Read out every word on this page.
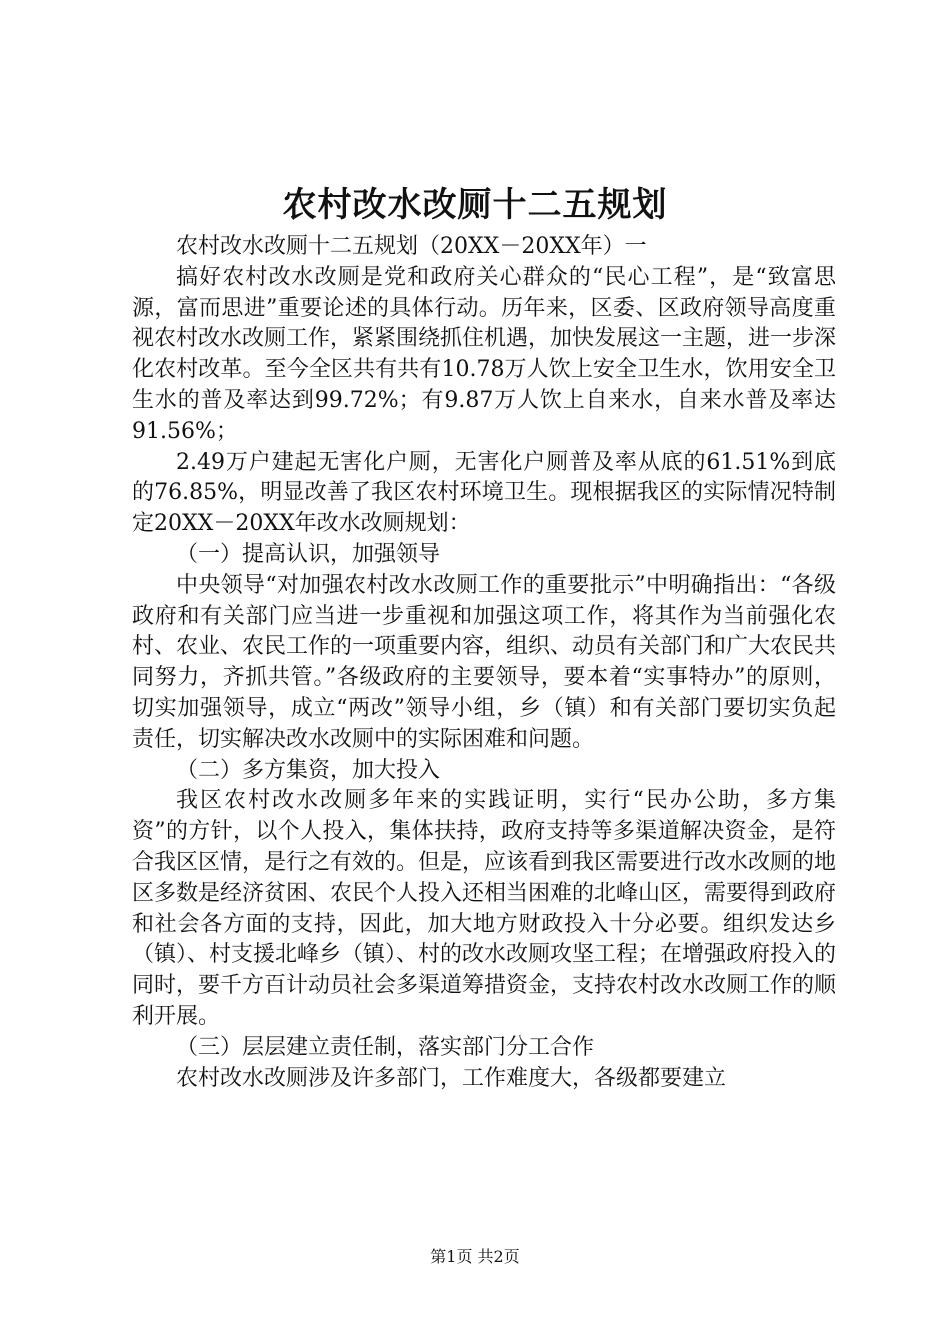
农村改水改厕十二五规划

农村改水改厕十二五规划（20XX－20XX年）一

搞好农村改水改厕是党和政府关心群众的“民心工程”，是“致富思源，富而思进”重要论述的具体行动。历年来，区委、区政府领导高度重视农村改水改厕工作，紧紧围绕抓住机遇，加快发展这一主题，进一步深化农村改革。至今全区共有共有10.78万人饮上安全卫生水，饮用安全卫生水的普及率达到99.72%；有9.87万人饮上自来水，自来水普及率达91.56%；

2.49万户建起无害化户厕，无害化户厕普及率从底的61.51%到底的76.85%，明显改善了我区农村环境卫生。现根据我区的实际情况特制定20XX－20XX年改水改厕规划：

（一）提高认识，加强领导

中央领导“对加强农村改水改厕工作的重要批示”中明确指出：“各级政府和有关部门应当进一步重视和加强这项工作，将其作为当前强化农村、农业、农民工作的一项重要内容，组织、动员有关部门和广大农民共同努力，齐抓共管。”各级政府的主要领导，要本着“实事特办”的原则，切实加强领导，成立“两改”领导小组，乡（镇）和有关部门要切实负起责任，切实解决改水改厕中的实际困难和问题。

（二）多方集资，加大投入

我区农村改水改厕多年来的实践证明，实行“民办公助，多方集资”的方针，以个人投入，集体扶持，政府支持等多渠道解决资金，是符合我区区情，是行之有效的。但是，应该看到我区需要进行改水改厕的地区多数是经济贫困、农民个人投入还相当困难的北峰山区，需要得到政府和社会各方面的支持，因此，加大地方财政投入十分必要。组织发达乡（镇）、村支援北峰乡（镇）、村的改水改厕攻坚工程；在增强政府投入的同时，要千方百计动员社会多渠道筹措资金，支持农村改水改厕工作的顺利开展。

（三）层层建立责任制，落实部门分工合作

农村改水改厕涉及许多部门，工作难度大，各级都要建立

第1页 共2页
